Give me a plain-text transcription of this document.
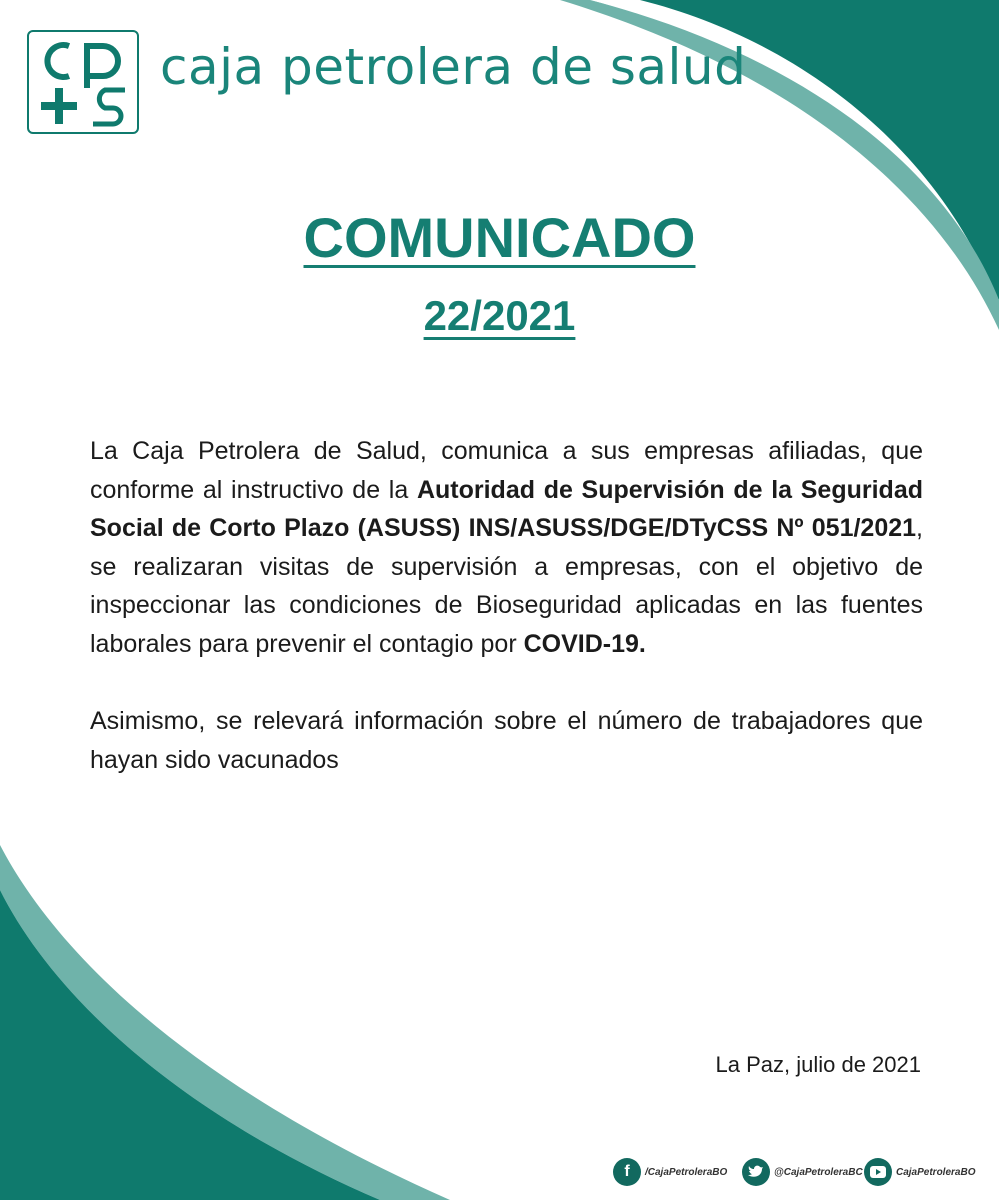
caja petrolera de salud
COMUNICADO
22/2021

La Caja Petrolera de Salud, comunica a sus empresas afiliadas, que conforme al instructivo de la Autoridad de Supervisión de la Seguridad Social de Corto Plazo (ASUSS) INS/ASUSS/DGE/DTyCSS Nº 051/2021, se realizaran visitas de supervisión a empresas, con el objetivo de inspeccionar las condiciones de Bioseguridad aplicadas en las fuentes laborales para prevenir el contagio por COVID-19.

Asimismo, se relevará información sobre el número de trabajadores que hayan sido vacunados

La Paz, julio de 2021
f	/CajaPetroleraBO	@CajaPetroleraBC	CajaPetroleraBO
